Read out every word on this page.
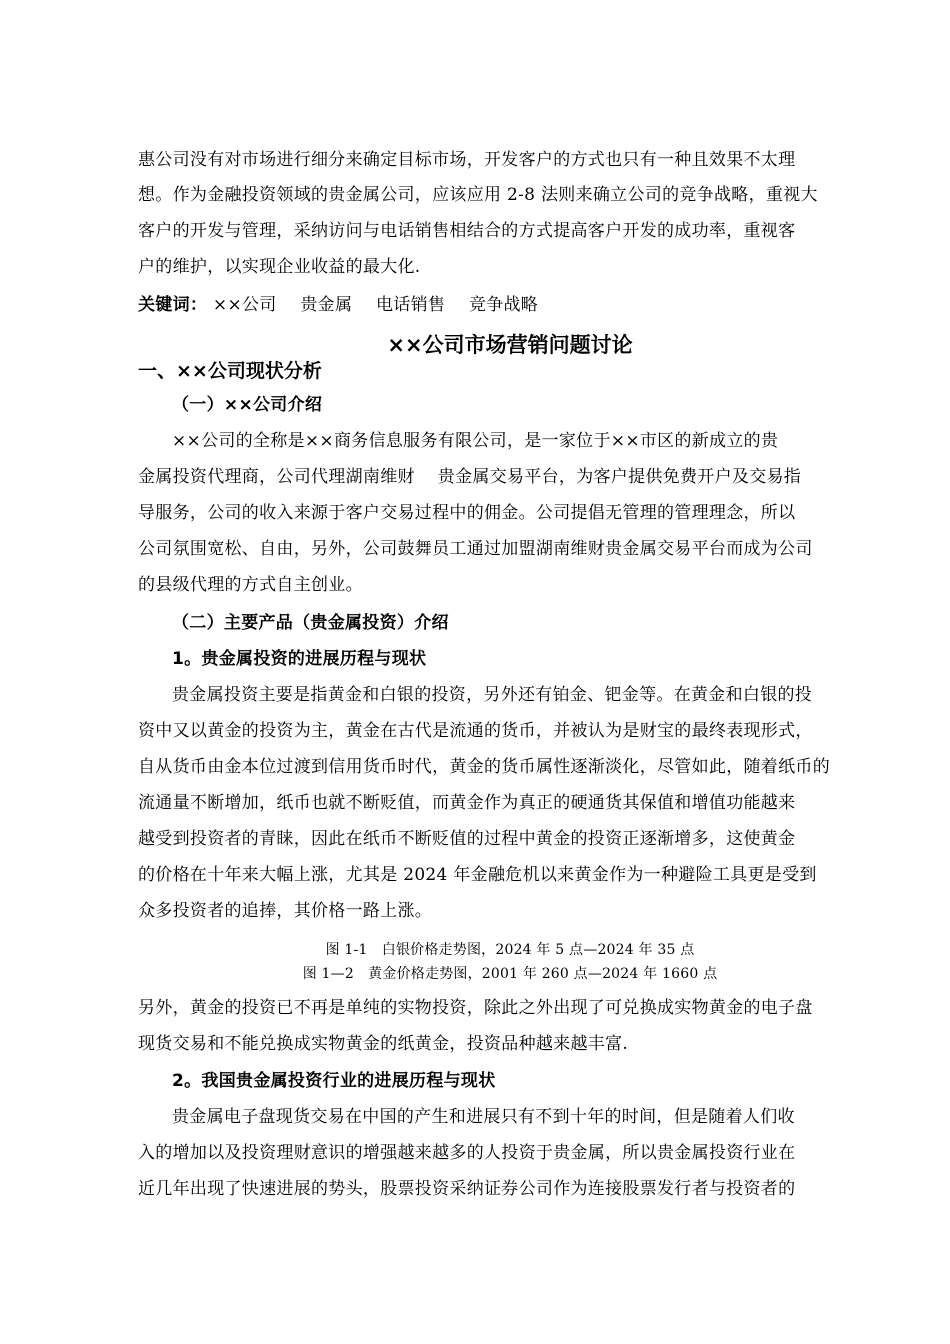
惠公司没有对市场进行细分来确定目标市场，开发客户的方式也只有一种且效果不太理
想。作为金融投资领域的贵金属公司，应该应用 2-8 法则来确立公司的竞争战略，重视大
客户的开发与管理，采纳访问与电话销售相结合的方式提高客户开发的成功率，重视客
户的维护，以实现企业收益的最大化.
关键词： ××公司 贵金属 电话销售 竞争战略
××公司市场营销问题讨论
一、××公司现状分析
（一）××公司介绍
××公司的全称是××商务信息服务有限公司，是一家位于××市区的新成立的贵
金属投资代理商，公司代理湖南维财　 贵金属交易平台，为客户提供免费开户及交易指
导服务，公司的收入来源于客户交易过程中的佣金。公司提倡无管理的管理理念，所以
公司氛围宽松、自由，另外，公司鼓舞员工通过加盟湖南维财贵金属交易平台而成为公司
的县级代理的方式自主创业。
（二）主要产品（贵金属投资）介绍
1。贵金属投资的进展历程与现状
贵金属投资主要是指黄金和白银的投资，另外还有铂金、钯金等。在黄金和白银的投
资中又以黄金的投资为主，黄金在古代是流通的货币，并被认为是财宝的最终表现形式，
自从货币由金本位过渡到信用货币时代，黄金的货币属性逐渐淡化，尽管如此，随着纸币的
流通量不断增加，纸币也就不断贬值，而黄金作为真正的硬通货其保值和增值功能越来
越受到投资者的青睐，因此在纸币不断贬值的过程中黄金的投资正逐渐增多，这使黄金
的价格在十年来大幅上涨，尤其是 2024 年金融危机以来黄金作为一种避险工具更是受到
众多投资者的追捧，其价格一路上涨。
图 1-1　白银价格走势图，2024 年 5 点—2024 年 35 点
图 1—2　黄金价格走势图，2001 年 260 点—2024 年 1660 点
另外，黄金的投资已不再是单纯的实物投资，除此之外出现了可兑换成实物黄金的电子盘
现货交易和不能兑换成实物黄金的纸黄金，投资品种越来越丰富.
2。我国贵金属投资行业的进展历程与现状
贵金属电子盘现货交易在中国的产生和进展只有不到十年的时间，但是随着人们收
入的增加以及投资理财意识的增强越来越多的人投资于贵金属，所以贵金属投资行业在
近几年出现了快速进展的势头，股票投资采纳证券公司作为连接股票发行者与投资者的
